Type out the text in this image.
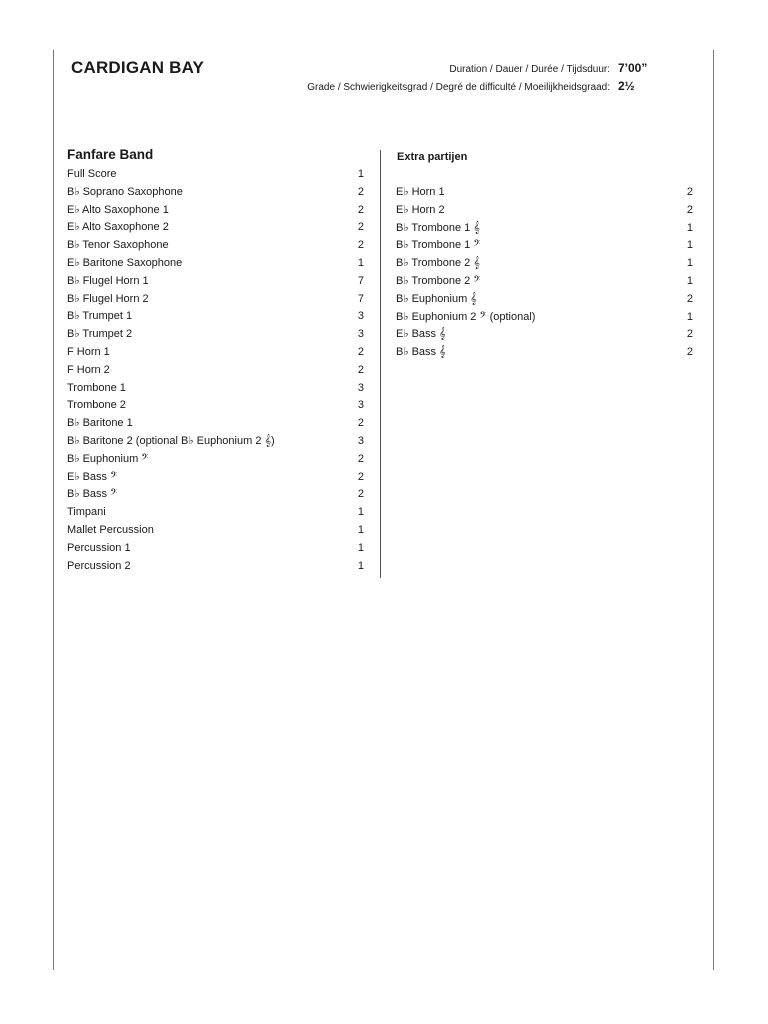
CARDIGAN BAY	Duration / Dauer / Durée / Tijdsduur: 7’00”
Grade / Schwierigkeitsgrad / Degré de difficulté / Moeilijkheidsgraad: 2½
Fanfare Band	Extra partijen
Full Score	1
B♭ Soprano Saxophone	2
E♭ Alto Saxophone 1	2
E♭ Alto Saxophone 2	2
B♭ Tenor Saxophone	2
E♭ Baritone Saxophone	1
B♭ Flugel Horn 1	7
B♭ Flugel Horn 2	7
B♭ Trumpet 1	3
B♭ Trumpet 2	3
F Horn 1	2
F Horn 2	2
Trombone 1	3
Trombone 2	3
B♭ Baritone 1	2
B♭ Baritone 2 (optional B♭ Euphonium 2 𝄞)	3
B♭ Euphonium 𝄢	2
E♭ Bass 𝄢	2
B♭ Bass 𝄢	2
Timpani	1
Mallet Percussion	1
Percussion 1	1
Percussion 2	1
E♭ Horn 1	2
E♭ Horn 2	2
B♭ Trombone 1 𝄞	1
B♭ Trombone 1 𝄢	1
B♭ Trombone 2 𝄞	1
B♭ Trombone 2 𝄢	1
B♭ Euphonium 𝄞	2
B♭ Euphonium 2 𝄢 (optional)	1
E♭ Bass 𝄞	2
B♭ Bass 𝄞	2
